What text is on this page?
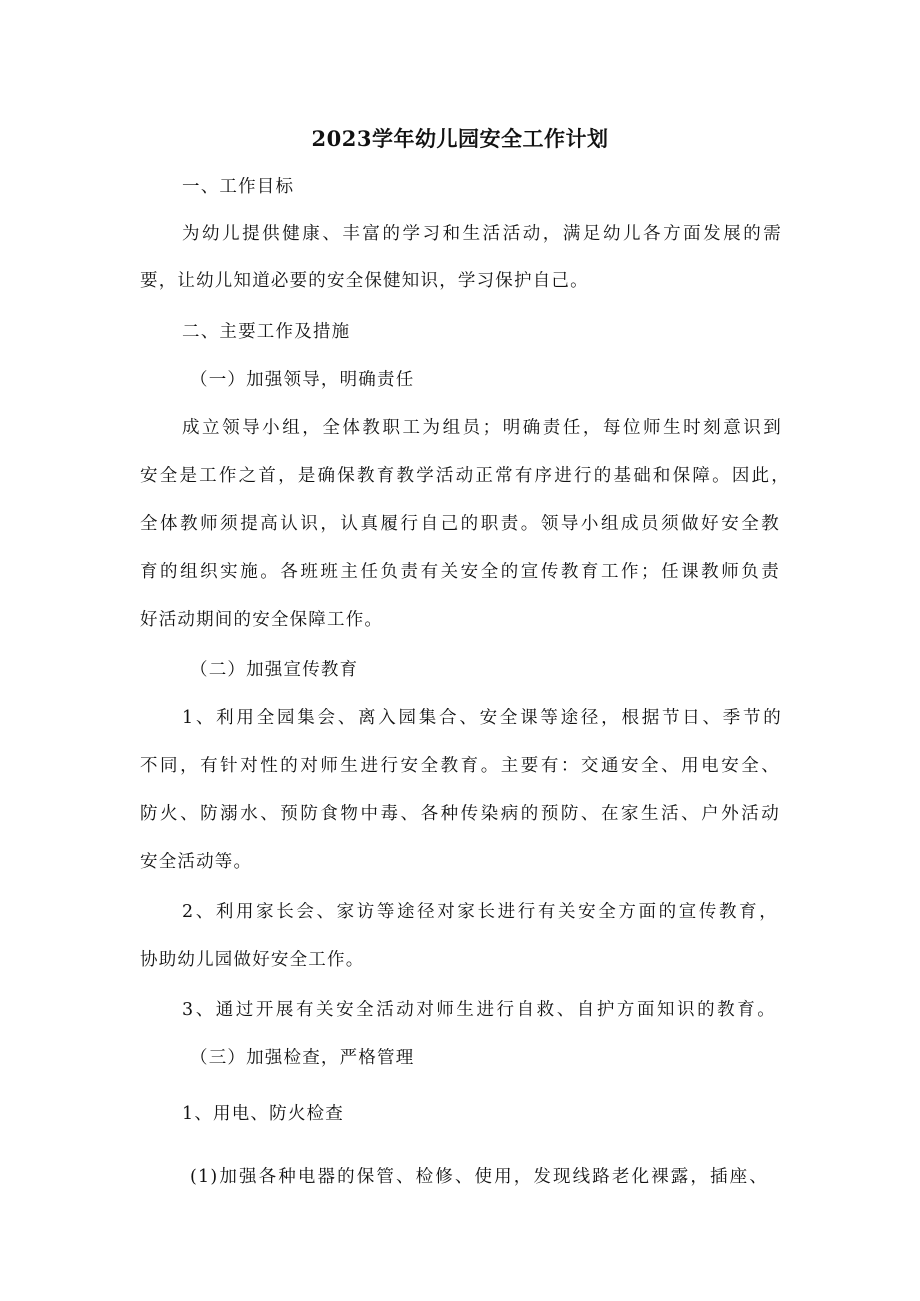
2023学年幼儿园安全工作计划
一、工作目标
为幼儿提供健康、丰富的学习和生活活动，满足幼儿各方面发展的需
要，让幼儿知道必要的安全保健知识，学习保护自己。
二、主要工作及措施
（一）加强领导，明确责任
成立领导小组，全体教职工为组员；明确责任，每位师生时刻意识到
安全是工作之首，是确保教育教学活动正常有序进行的基础和保障。因此，
全体教师须提高认识，认真履行自己的职责。领导小组成员须做好安全教
育的组织实施。各班班主任负责有关安全的宣传教育工作；任课教师负责
好活动期间的安全保障工作。
（二）加强宣传教育
1、利用全园集会、离入园集合、安全课等途径，根据节日、季节的
不同，有针对性的对师生进行安全教育。主要有：交通安全、用电安全、
防火、防溺水、预防食物中毒、各种传染病的预防、在家生活、户外活动
安全活动等。
2、利用家长会、家访等途径对家长进行有关安全方面的宣传教育，
协助幼儿园做好安全工作。
3、通过开展有关安全活动对师生进行自救、自护方面知识的教育。
（三）加强检查，严格管理
1、用电、防火检查
(1)加强各种电器的保管、检修、使用，发现线路老化裸露，插座、
